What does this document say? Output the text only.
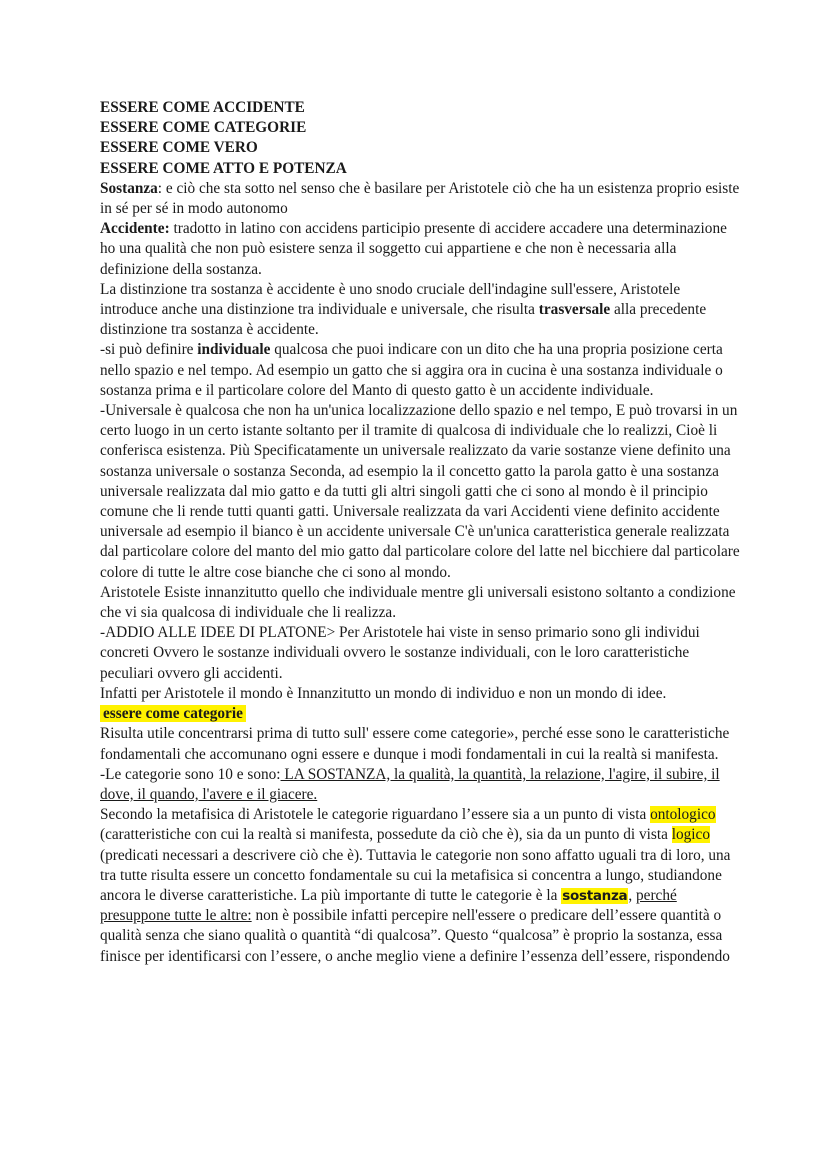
ESSERE COME ACCIDENTE

ESSERE COME CATEGORIE

ESSERE COME VERO

ESSERE COME ATTO E POTENZA

Sostanza: e ciò che sta sotto nel senso che è basilare per Aristotele ciò che ha un esistenza proprio esiste in sé per sé in modo autonomo

Accidente: tradotto in latino con accidens participio presente di accidere accadere una determinazione ho una qualità che non può esistere senza il soggetto cui appartiene e che non è necessaria alla definizione della sostanza.

La distinzione tra sostanza è accidente è uno snodo cruciale dell'indagine sull'essere, Aristotele introduce anche una distinzione tra individuale e universale, che risulta trasversale alla precedente distinzione tra sostanza è accidente.

-si può definire individuale qualcosa che puoi indicare con un dito che ha una propria posizione certa nello spazio e nel tempo. Ad esempio un gatto che si aggira ora in cucina è una sostanza individuale o sostanza prima e il particolare colore del Manto di questo gatto è un accidente individuale.

-Universale è qualcosa che non ha un'unica localizzazione dello spazio e nel tempo, E può trovarsi in un certo luogo in un certo istante soltanto per il tramite di qualcosa di individuale che lo realizzi, Cioè li conferisca esistenza. Più Specificatamente un universale realizzato da varie sostanze viene definito una sostanza universale o sostanza Seconda, ad esempio la il concetto gatto la parola gatto è una sostanza universale realizzata dal mio gatto e da tutti gli altri singoli gatti che ci sono al mondo è il principio comune che li rende tutti quanti gatti. Universale realizzata da vari Accidenti viene definito accidente universale ad esempio il bianco è un accidente universale C'è un'unica caratteristica generale realizzata dal particolare colore del manto del mio gatto dal particolare colore del latte nel bicchiere dal particolare colore di tutte le altre cose bianche che ci sono al mondo.

Aristotele Esiste innanzitutto quello che individuale mentre gli universali esistono soltanto a condizione che vi sia qualcosa di individuale che li realizza.

-ADDIO ALLE IDEE DI PLATONE> Per Aristotele hai viste in senso primario sono gli individui concreti Ovvero le sostanze individuali ovvero le sostanze individuali, con le loro caratteristiche peculiari ovvero gli accidenti.

Infatti per Aristotele il mondo è Innanzitutto un mondo di individuo e non un mondo di idee.

essere come categorie

Risulta utile concentrarsi prima di tutto sull' essere come categorie», perché esse sono le caratteristiche fondamentali che accomunano ogni essere e dunque i modi fondamentali in cui la realtà si manifesta.

-Le categorie sono 10 e sono: LA SOSTANZA, la qualità, la quantità, la relazione, l'agire, il subire, il dove, il quando, l'avere e il giacere.

Secondo la metafisica di Aristotele le categorie riguardano l’essere sia a un punto di vista ontologico (caratteristiche con cui la realtà si manifesta, possedute da ciò che è), sia da un punto di vista logico (predicati necessari a descrivere ciò che è). Tuttavia le categorie non sono affatto uguali tra di loro, una tra tutte risulta essere un concetto fondamentale su cui la metafisica si concentra a lungo, studiandone ancora le diverse caratteristiche. La più importante di tutte le categorie è la sostanza, perché presuppone tutte le altre: non è possibile infatti percepire nell'essere o predicare dell’essere quantità o qualità senza che siano qualità o quantità “di qualcosa”. Questo “qualcosa” è proprio la sostanza, essa finisce per identificarsi con l’essere, o anche meglio viene a definire l’essenza dell’essere, rispondendo
